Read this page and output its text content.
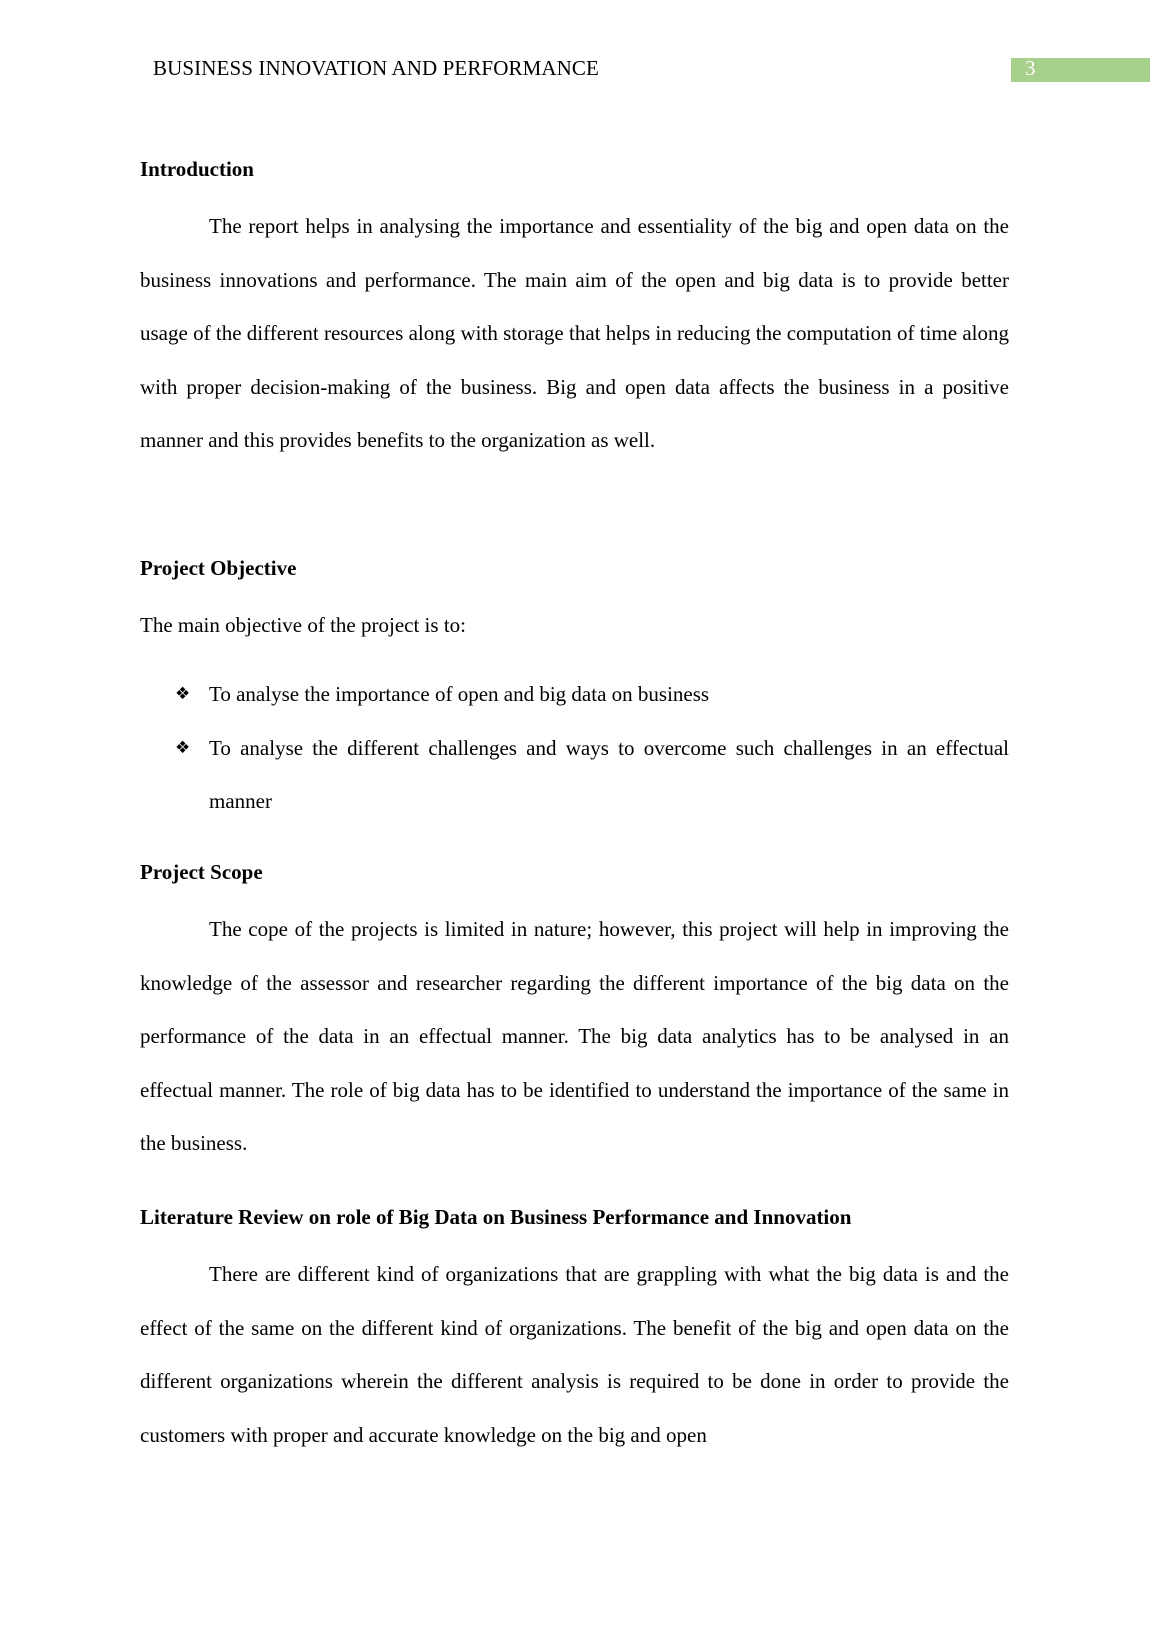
BUSINESS INNOVATION AND PERFORMANCE	3
Introduction

The report helps in analysing the importance and essentiality of the big and open data on the business innovations and performance. The main aim of the open and big data is to provide better usage of the different resources along with storage that helps in reducing the computation of time along with proper decision-making of the business. Big and open data affects the business in a positive manner and this provides benefits to the organization as well.

Project Objective

The main objective of the project is to:

❖ To analyse the importance of open and big data on business
❖ To analyse the different challenges and ways to overcome such challenges in an effectual manner
Project Scope

The cope of the projects is limited in nature; however, this project will help in improving the knowledge of the assessor and researcher regarding the different importance of the big data on the performance of the data in an effectual manner. The big data analytics has to be analysed in an effectual manner. The role of big data has to be identified to understand the importance of the same in the business.

Literature Review on role of Big Data on Business Performance and Innovation

There are different kind of organizations that are grappling with what the big data is and the effect of the same on the different kind of organizations. The benefit of the big and open data on the different organizations wherein the different analysis is required to be done in order to provide the customers with proper and accurate knowledge on the big and open
